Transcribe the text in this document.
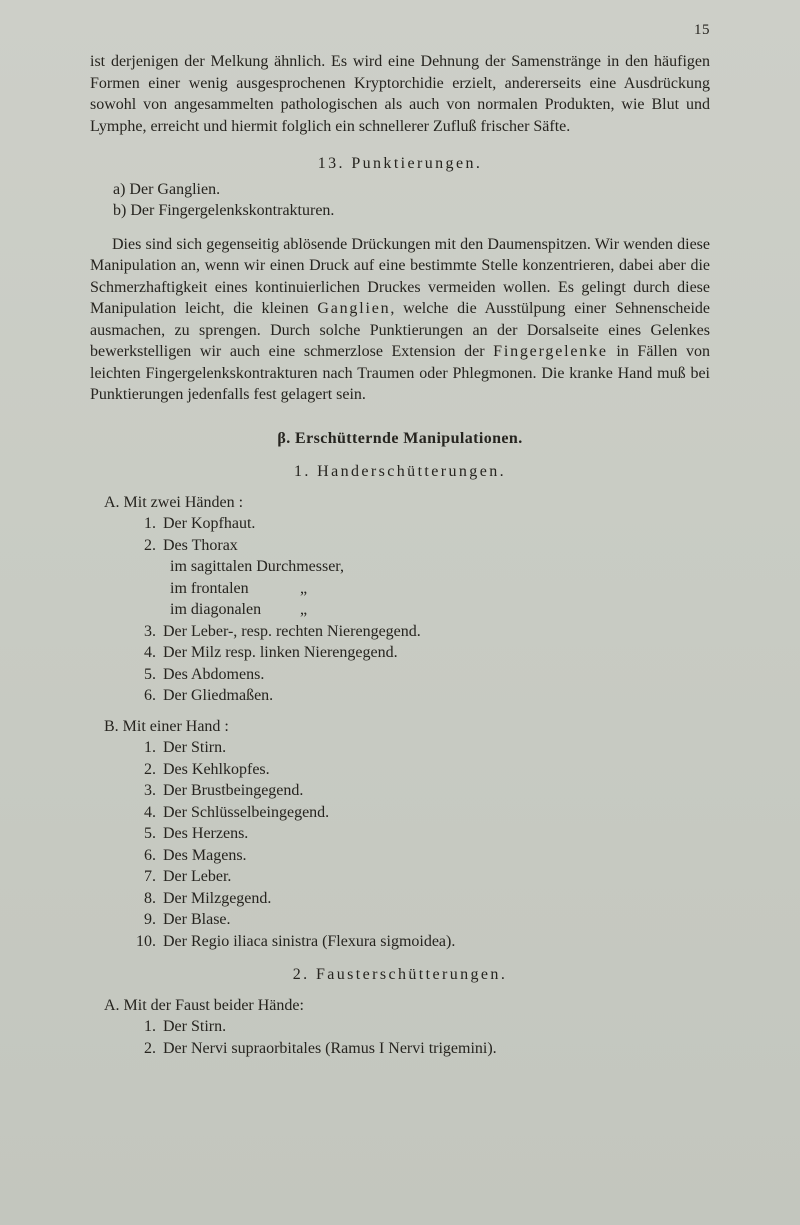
15

ist derjenigen der Melkung ähnlich. Es wird eine Dehnung der Samenstränge in den häufigen Formen einer wenig ausgesprochenen Kryptorchidie erzielt, andererseits eine Ausdrückung sowohl von angesammelten pathologischen als auch von normalen Produkten, wie Blut und Lymphe, erreicht und hiermit folglich ein schnellerer Zufluß frischer Säfte.

13. Punktierungen.
a) Der Ganglien.
b) Der Fingergelenkskontrakturen.

Dies sind sich gegenseitig ablösende Drückungen mit den Daumenspitzen. Wir wenden diese Manipulation an, wenn wir einen Druck auf eine bestimmte Stelle konzentrieren, dabei aber die Schmerzhaftigkeit eines kontinuierlichen Druckes vermeiden wollen. Es gelingt durch diese Manipulation leicht, die kleinen Ganglien, welche die Ausstülpung einer Sehnenscheide ausmachen, zu sprengen. Durch solche Punktierungen an der Dorsalseite eines Gelenkes bewerkstelligen wir auch eine schmerzlose Extension der Fingergelenke in Fällen von leichten Fingergelenkskontrakturen nach Traumen oder Phlegmonen. Die kranke Hand muß bei Punktierungen jedenfalls fest gelagert sein.

β. Erschütternde Manipulationen.
1. Handerschütterungen.
A. Mit zwei Händen :
1. Der Kopfhaut.
2. Des Thorax
im sagittalen Durchmesser,
im frontalen	„
im diagonalen „
3. Der Leber-, resp. rechten Nierengegend.
4. Der Milz resp. linken Nierengegend.
5. Des Abdomens.
6. Der Gliedmaßen.
B. Mit einer Hand :
1. Der Stirn.
2. Des Kehlkopfes.
3. Der Brustbeingegend.
4. Der Schlüsselbeingegend.
5. Des Herzens.
6. Des Magens.
7. Der Leber.
8. Der Milzgegend.
9. Der Blase.
10. Der Regio iliaca sinistra (Flexura sigmoidea).
2. Fausterschütterungen.
A. Mit der Faust beider Hände:
1. Der Stirn.
2. Der Nervi supraorbitales (Ramus I Nervi trigemini).
